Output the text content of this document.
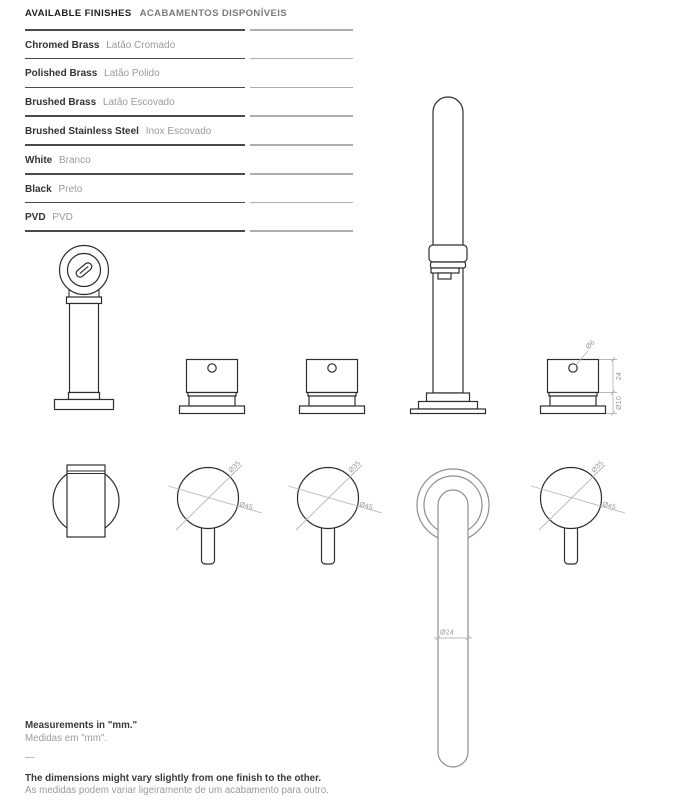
AVAILABLE FINISHES ACABAMENTOS DISPONÍVEIS
Chromed Brass Latão Cromado
Polished Brass Latão Polido
Brushed Brass Latão Escovado
Brushed Stainless Steel Inox Escovado
White Branco
Black Preto
PVD PVD
Ø6
24
Ø10
Ø35
Ø45
Ø35
Ø45
Ø24
Ø35
Ø45
Measurements in "mm."
Medidas em "mm".
—
The dimensions might vary slightly from one finish to the other.
As medidas podem variar ligeiramente de um acabamento para outro.
